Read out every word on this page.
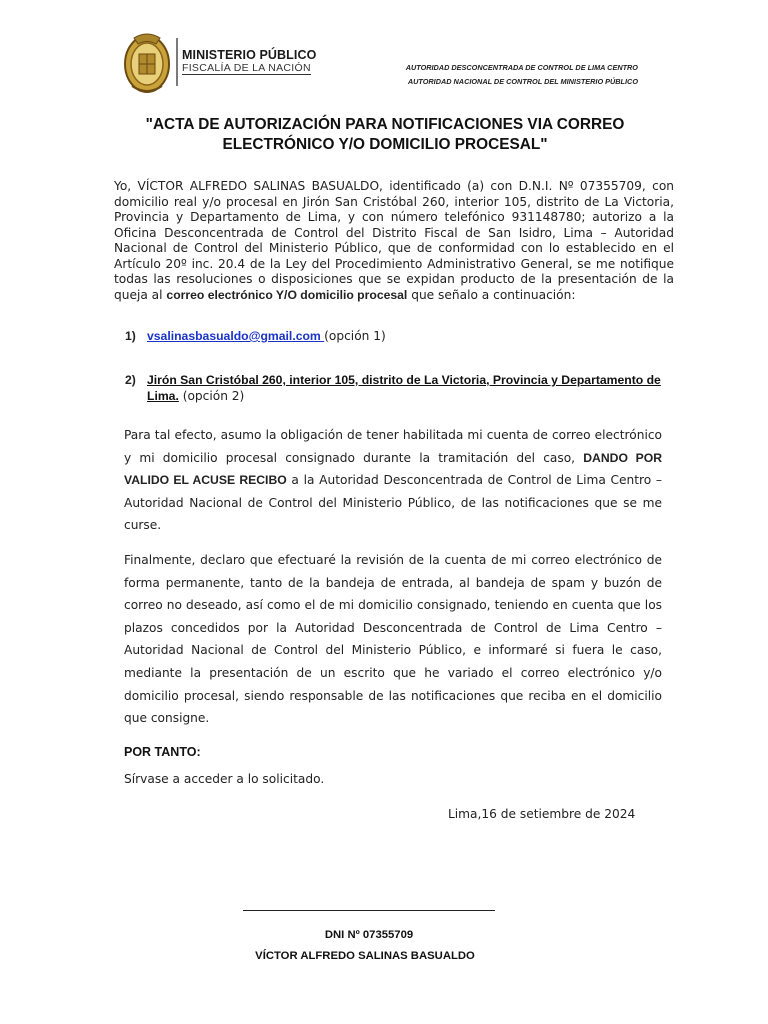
MINISTERIO PÚBLICO
FISCALÍA DE LA NACIÓN	AUTORIDAD DESCONCENTRADA DE CONTROL DE LIMA CENTRO
AUTORIDAD NACIONAL DE CONTROL DEL MINISTERIO PÚBLICO
"ACTA DE AUTORIZACIÓN PARA NOTIFICACIONES VIA CORREO
ELECTRÓNICO Y/O DOMICILIO PROCESAL"
Yo, VÍCTOR ALFREDO SALINAS BASUALDO, identificado (a) con D.N.I. Nº 07355709, con domicilio real y/o procesal en Jirón San Cristóbal 260, interior 105, distrito de La Victoria, Provincia y Departamento de Lima, y con número telefónico 931148780; autorizo a la Oficina Desconcentrada de Control del Distrito Fiscal de San Isidro, Lima – Autoridad Nacional de Control del Ministerio Público, que de conformidad con lo establecido en el Artículo 20º inc. 20.4 de la Ley del Procedimiento Administrativo General, se me notifique todas las resoluciones o disposiciones que se expidan producto de la presentación de la queja al correo electrónico Y/O domicilio procesal que señalo a continuación:
1) vsalinasbasualdo@gmail.com (opción 1)
2) Jirón San Cristóbal 260, interior 105, distrito de La Victoria, Provincia y Departamento de Lima. (opción 2)
Para tal efecto, asumo la obligación de tener habilitada mi cuenta de correo electrónico y mi domicilio procesal consignado durante la tramitación del caso, DANDO POR VALIDO EL ACUSE RECIBO a la Autoridad Desconcentrada de Control de Lima Centro – Autoridad Nacional de Control del Ministerio Público, de las notificaciones que se me curse.
Finalmente, declaro que efectuaré la revisión de la cuenta de mi correo electrónico de forma permanente, tanto de la bandeja de entrada, al bandeja de spam y buzón de correo no deseado, así como el de mi domicilio consignado, teniendo en cuenta que los plazos concedidos por la Autoridad Desconcentrada de Control de Lima Centro – Autoridad Nacional de Control del Ministerio Público, e informaré si fuera le caso, mediante la presentación de un escrito que he variado el correo electrónico y/o domicilio procesal, siendo responsable de las notificaciones que reciba en el domicilio que consigne.
POR TANTO:
Sírvase a acceder a lo solicitado.
Lima,16 de setiembre de 2024
DNI Nº 07355709
VÍCTOR ALFREDO SALINAS BASUALDO
